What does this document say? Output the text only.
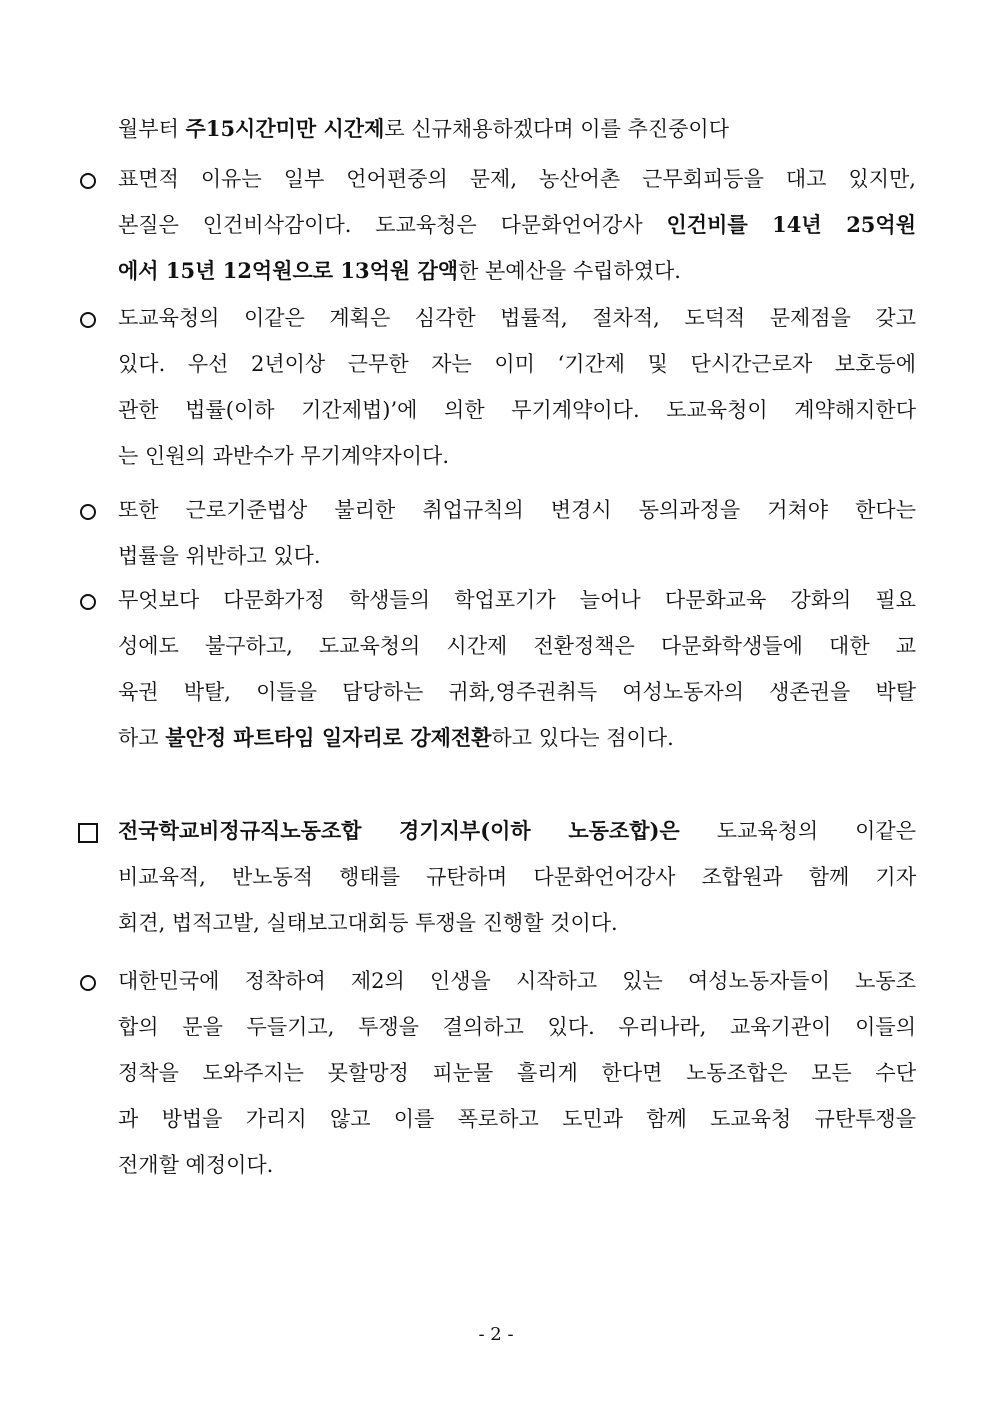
월부터 주15시간미만 시간제로 신규채용하겠다며 이를 추진중이다
표면적 이유는 일부 언어편중의 문제, 농산어촌 근무회피등을 대고 있지만,
본질은 인건비삭감이다. 도교육청은 다문화언어강사 인건비를 14년 25억원
에서 15년 12억원으로 13억원 감액한 본예산을 수립하였다.
도교육청의 이같은 계획은 심각한 법률적, 절차적, 도덕적 문제점을 갖고
있다. 우선 2년이상 근무한 자는 이미 ‘기간제 및 단시간근로자 보호등에
관한 법률(이하 기간제법)’에 의한 무기계약이다. 도교육청이 계약해지한다
는 인원의 과반수가 무기계약자이다.
또한 근로기준법상 불리한 취업규칙의 변경시 동의과정을 거쳐야 한다는
법률을 위반하고 있다.
무엇보다 다문화가정 학생들의 학업포기가 늘어나 다문화교육 강화의 필요
성에도 불구하고, 도교육청의 시간제 전환정책은 다문화학생들에 대한 교
육권 박탈, 이들을 담당하는 귀화,영주권취득 여성노동자의 생존권을 박탈
하고 불안정 파트타임 일자리로 강제전환하고 있다는 점이다.
전국학교비정규직노동조합 경기지부(이하 노동조합)은 도교육청의 이같은
비교육적, 반노동적 행태를 규탄하며 다문화언어강사 조합원과 함께 기자
회견, 법적고발, 실태보고대회등 투쟁을 진행할 것이다.
대한민국에 정착하여 제2의 인생을 시작하고 있는 여성노동자들이 노동조
합의 문을 두들기고, 투쟁을 결의하고 있다. 우리나라, 교육기관이 이들의
정착을 도와주지는 못할망정 피눈물 흘리게 한다면 노동조합은 모든 수단
과 방법을 가리지 않고 이를 폭로하고 도민과 함께 도교육청 규탄투쟁을
전개할 예정이다.
- 2 -
